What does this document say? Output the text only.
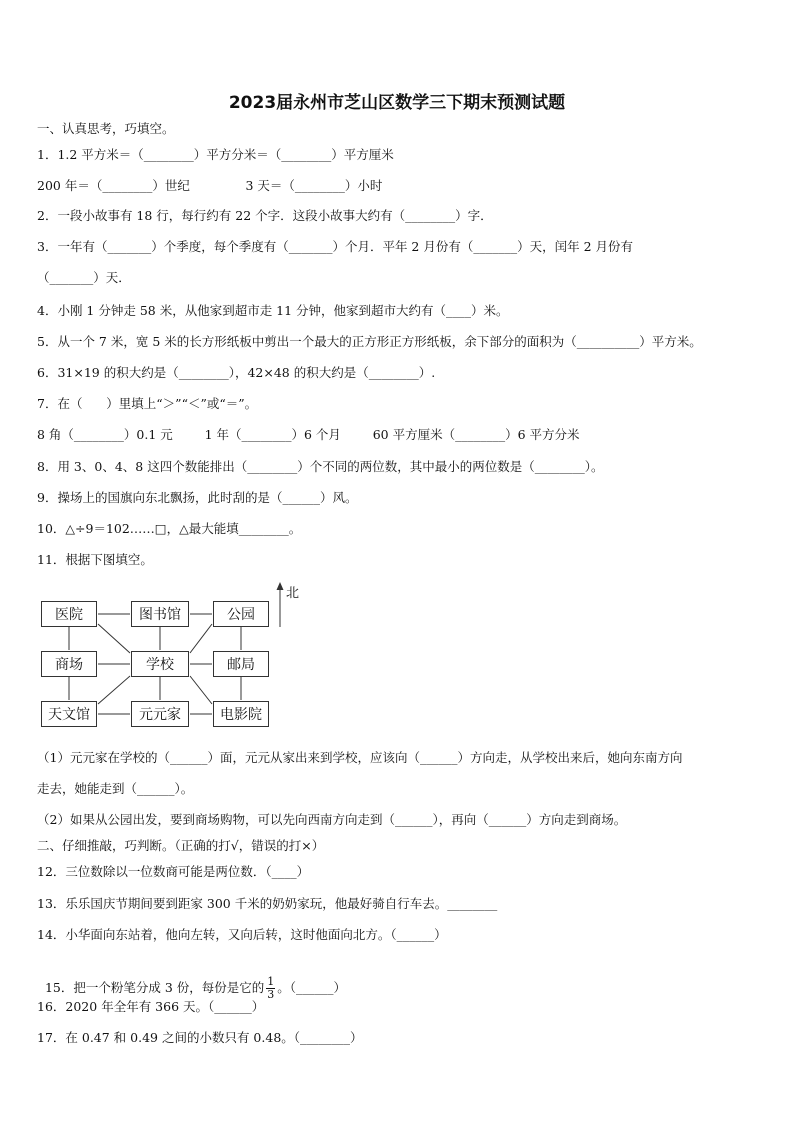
2023届永州市芝山区数学三下期末预测试题
一、认真思考，巧填空。
1．1.2 平方米＝（________）平方分米＝（________）平方厘米
200 年＝（________）世纪              3 天＝（________）小时
2．一段小故事有 18 行，每行约有 22 个字．这段小故事大约有（________）字．
3．一年有（_______）个季度，每个季度有（_______）个月．平年 2 月份有（_______）天，闰年 2 月份有
（_______）天．
4．小刚 1 分钟走 58 米，从他家到超市走 11 分钟，他家到超市大约有（____）米。
5．从一个 7 米，宽 5 米的长方形纸板中剪出一个最大的正方形正方形纸板，余下部分的面积为（__________）平方米。
6．31×19 的积大约是（________），42×48 的积大约是（________）.
7．在（      ）里填上“＞”“＜”或“＝”。
8 角（________）0.1 元        1 年（________）6 个月        60 平方厘米（________）6 平方分米
8．用 3、0、4、8 这四个数能排出（________）个不同的两位数，其中最小的两位数是（________）。
9．操场上的国旗向东北飘扬，此时刮的是（______）风。
10．△÷9＝102……□，△最大能填________。
11．根据下图填空。
北
医院	图书馆	公园
商场	学校	邮局
天文馆	元元家	电影院
（1）元元家在学校的（______）面，元元从家出来到学校，应该向（______）方向走，从学校出来后，她向东南方向
走去，她能走到（______）。
（2）如果从公园出发，要到商场购物，可以先向西南方向走到（______），再向（______）方向走到商场。
二、仔细推敲，巧判断。（正确的打√，错误的打×）
12．三位数除以一位数商可能是两位数．（____）
13．乐乐国庆节期间要到距家 300 千米的奶奶家玩，他最好骑自行车去。________
14．小华面向东站着，他向左转，又向后转，这时他面向北方。（______）

15．把一个粉笔分成 3 份，每份是它的 $\frac{1}{3}$ 。（______）

16．2020 年全年有 366 天。（______）
17．在 0.47 和 0.49 之间的小数只有 0.48。（________）
